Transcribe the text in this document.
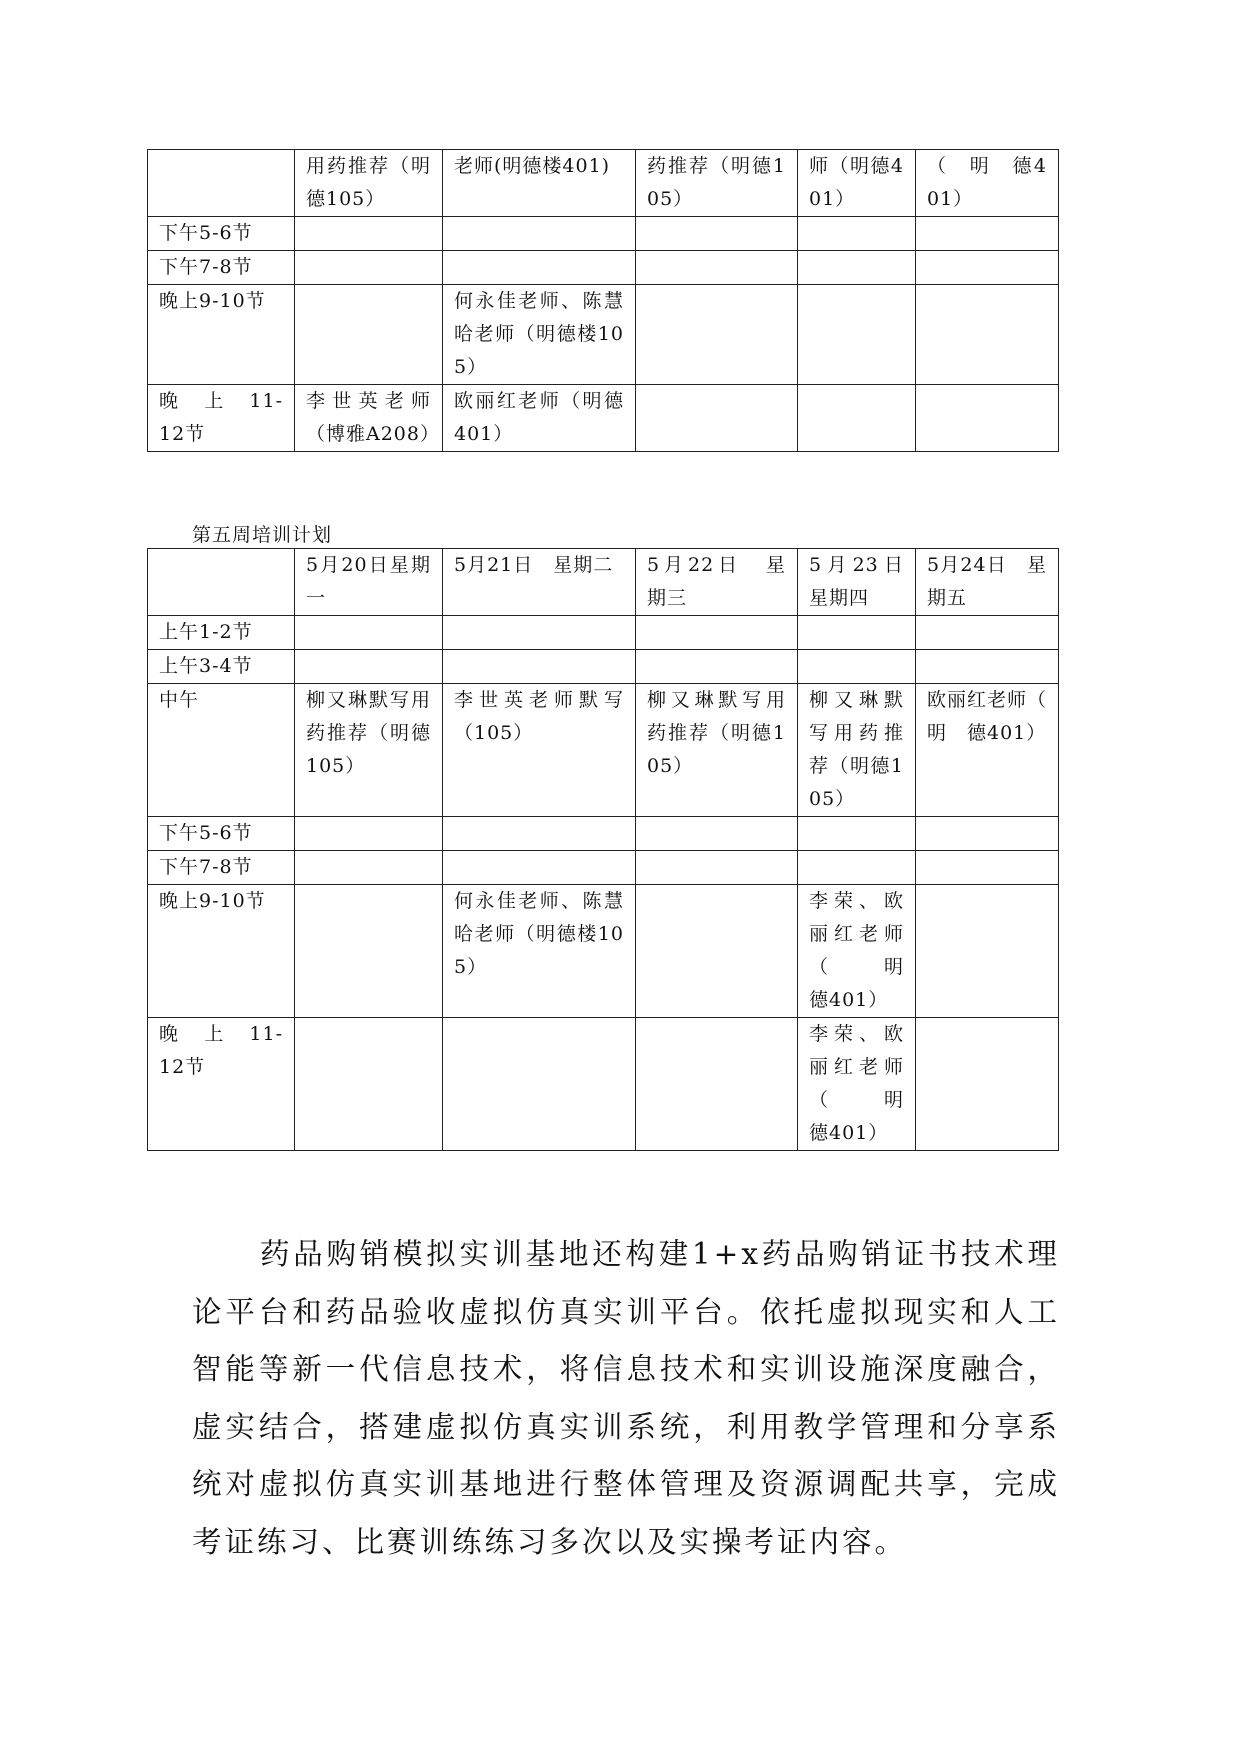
	用药推荐（明德105）	老师(明德楼401)	药推荐（明德105）	师（明德401）	（　明　德401）
下午5-6节					
下午7-8节					
晚上9-10节		何永佳老师、陈慧哈老师（明德楼105）			
晚　上　11-12节	李世英老师（博雅A208）	欧丽红老师（明德401）			
第五周培训计划
	5月20日星期一	5月21日　星期二	5月22日　星期三	5月23日　星期四	5月24日　星期五
上午1-2节					
上午3-4节					
中午	柳又琳默写用药推荐（明德105）	李世英老师默写（105）	柳又琳默写用药推荐（明德105）	柳又琳默写用药推荐（明德105）	欧丽红老师（　明　德401）
下午5-6节					
下午7-8节					
晚上9-10节		何永佳老师、陈慧哈老师（明德楼105）		李荣、欧丽红老师（　明　德401）	
晚　上　11-12节				李荣、欧丽红老师（　明　德401）	

药品购销模拟实训基地还构建1+x药品购销证书技术理论平台和药品验收虚拟仿真实训平台。依托虚拟现实和人工智能等新一代信息技术，将信息技术和实训设施深度融合，虚实结合，搭建虚拟仿真实训系统，利用教学管理和分享系统对虚拟仿真实训基地进行整体管理及资源调配共享，完成考证练习、比赛训练练习多次以及实操考证内容。
